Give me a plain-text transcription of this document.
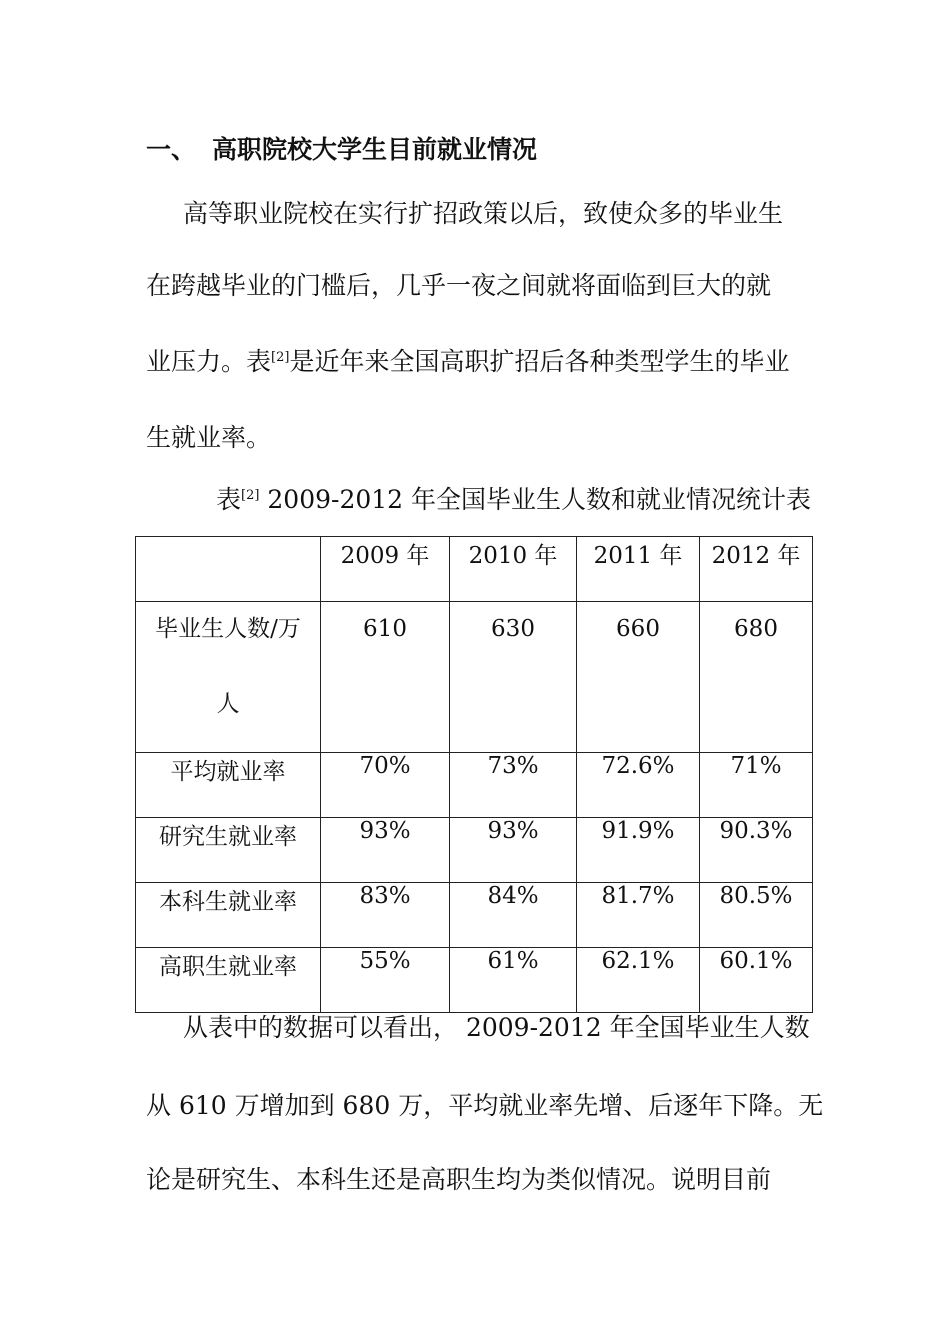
一、 高职院校大学生目前就业情况
高等职业院校在实行扩招政策以后，致使众多的毕业生
在跨越毕业的门槛后，几乎一夜之间就将面临到巨大的就
业压力。表[2]是近年来全国高职扩招后各种类型学生的毕业
生就业率。
表[2] 2009-2012 年全国毕业生人数和就业情况统计表
	2009 年	2010 年	2011 年	2012 年

毕业生人数/万
人	610	630	660	680
平均就业率	70%	73%	72.6%	71%
研究生就业率	93%	93%	91.9%	90.3%
本科生就业率	83%	84%	81.7%	80.5%
高职生就业率	55%	61%	62.1%	60.1%
从表中的数据可以看出， 2009-2012 年全国毕业生人数
从 610 万增加到 680 万，平均就业率先增、后逐年下降。无
论是研究生、本科生还是高职生均为类似情况。说明目前
